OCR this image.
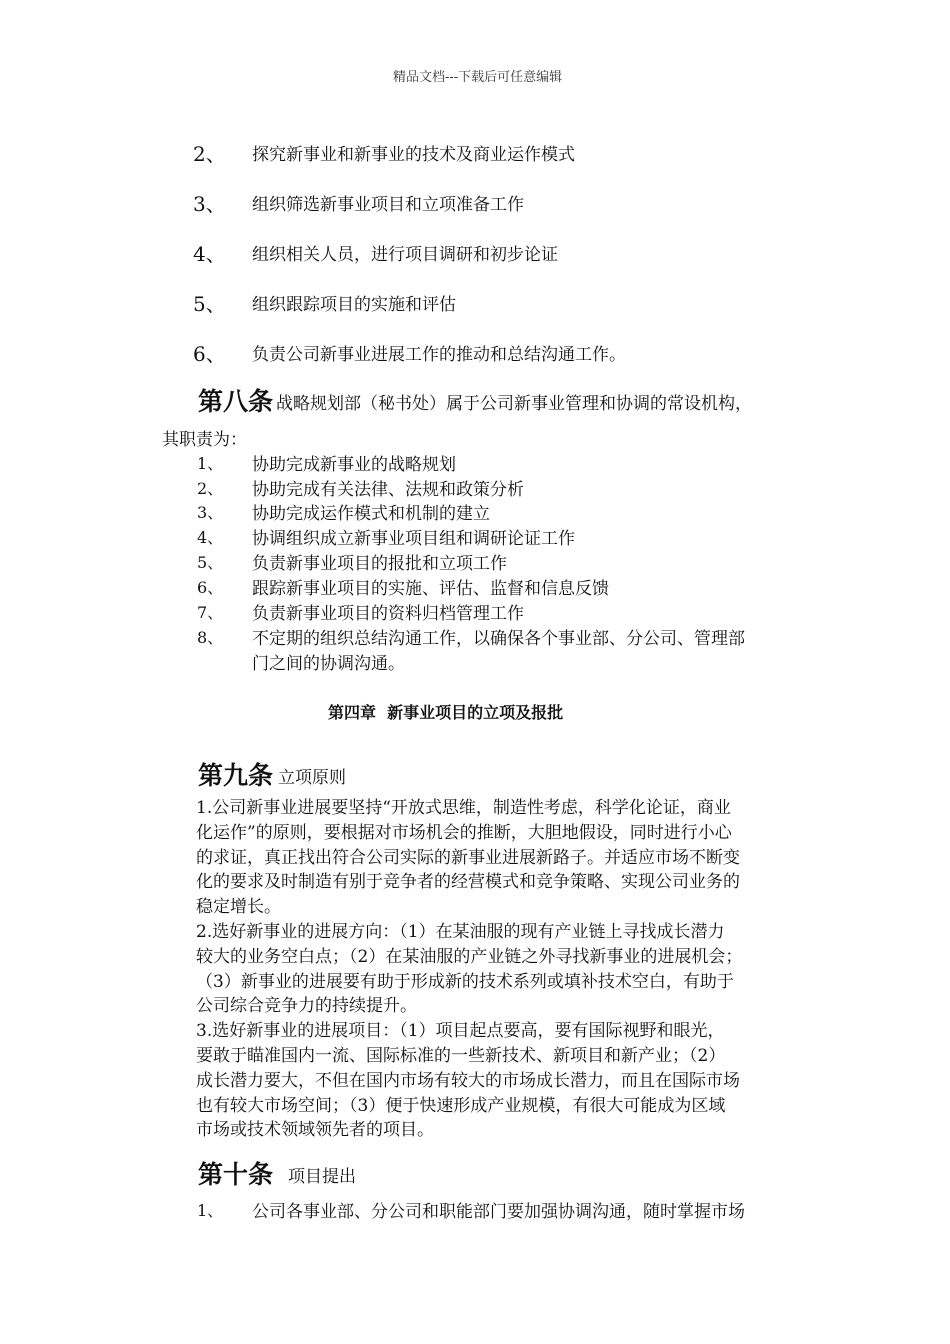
精品文档---下载后可任意编辑
2、 探究新事业和新事业的技术及商业运作模式
3、 组织筛选新事业项目和立项准备工作
4、 组织相关人员，进行项目调研和初步论证
5、 组织跟踪项目的实施和评估
6、 负责公司新事业进展工作的推动和总结沟通工作。
第八条 战略规划部（秘书处）属于公司新事业管理和协调的常设机构，
其职责为：
1、 协助完成新事业的战略规划
2、 协助完成有关法律、法规和政策分析
3、 协助完成运作模式和机制的建立
4、 协调组织成立新事业项目组和调研论证工作
5、 负责新事业项目的报批和立项工作
6、 跟踪新事业项目的实施、评估、监督和信息反馈
7、 负责新事业项目的资料归档管理工作
8、 不定期的组织总结沟通工作，以确保各个事业部、分公司、管理部
门之间的协调沟通。
第四章  新事业项目的立项及报批
第九条 立项原则

1.公司新事业进展要坚持“开放式思维，制造性考虑，科学化论证，商业

化运作”的原则，要根据对市场机会的推断，大胆地假设，同时进行小心

的求证，真正找出符合公司实际的新事业进展新路子。并适应市场不断变

化的要求及时制造有别于竞争者的经营模式和竞争策略、实现公司业务的

稳定增长。

2.选好新事业的进展方向：（1）在某油服的现有产业链上寻找成长潜力

较大的业务空白点；（2）在某油服的产业链之外寻找新事业的进展机会；

（3）新事业的进展要有助于形成新的技术系列或填补技术空白，有助于

公司综合竞争力的持续提升。

3.选好新事业的进展项目：（1）项目起点要高，要有国际视野和眼光，

要敢于瞄准国内一流、国际标准的一些新技术、新项目和新产业；（2）

成长潜力要大，不但在国内市场有较大的市场成长潜力，而且在国际市场

也有较大市场空间；（3）便于快速形成产业规模，有很大可能成为区域

市场或技术领域领先者的项目。

第十条 项目提出
1、 公司各事业部、分公司和职能部门要加强协调沟通，随时掌握市场
